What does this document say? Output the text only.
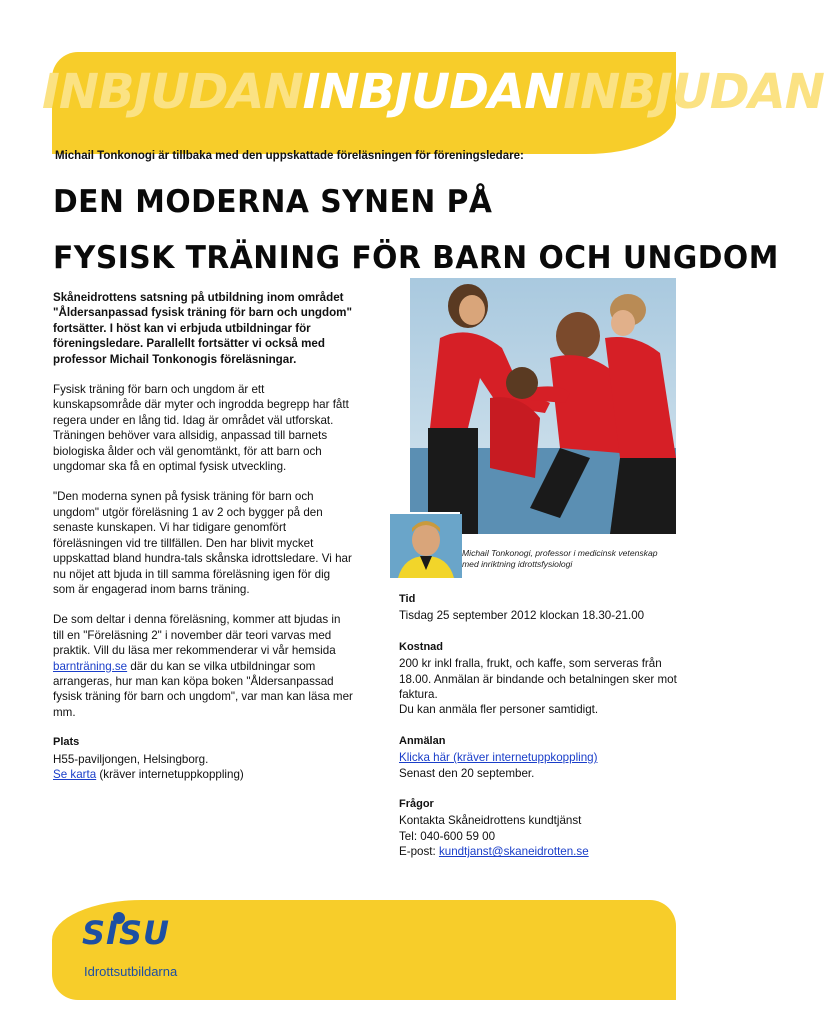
INBJUDANINBJUDANINBJUDAN
Michail Tonkonogi är tillbaka med den uppskattade föreläsningen för föreningsledare:
DEN MODERNA SYNEN PÅ
FYSISK TRÄNING FÖR BARN OCH UNGDOM

Skåneidrottens satsning på utbildning inom området "Åldersanpassad fysisk träning för barn och ungdom" fortsätter. I höst kan vi erbjuda utbildningar för föreningsledare. Parallellt fortsätter vi också med professor Michail Tonkonogis föreläsningar.

Fysisk träning för barn och ungdom är ett kunskapsområde där myter och ingrodda begrepp har fått regera under en lång tid. Idag är området väl utforskat. Träningen behöver vara allsidig, anpassad till barnets biologiska ålder och väl genomtänkt, för att barn och ungdomar ska få en optimal fysisk utveckling.

"Den moderna synen på fysisk träning för barn och ungdom" utgör föreläsning 1 av 2 och bygger på den senaste kunskapen. Vi har tidigare genomfört föreläsningen vid tre tillfällen. Den har blivit mycket uppskattad bland hundra-tals skånska idrottsledare. Vi har nu nöjet att bjuda in till samma föreläsning igen för dig som är engagerad inom barns träning.

De som deltar i denna föreläsning, kommer att bjudas in till en "Föreläsning 2" i november där teori varvas med praktik. Vill du läsa mer rekommenderar vi vår hemsida barnträning.se där du kan se vilka utbildningar som arrangeras, hur man kan köpa boken "Åldersanpassad fysisk träning för barn och ungdom", var man kan läsa mer mm.

Plats
H55-paviljongen, Helsingborg.
Se karta (kräver internetuppkoppling)
Michail Tonkonogi, professor i medicinsk vetenskap med inriktning idrottsfysiologi
Tid
Tisdag 25 september 2012 klockan 18.30-21.00
Kostnad
200 kr inkl fralla, frukt, och kaffe, som serveras från 18.00. Anmälan är bindande och betalningen sker mot faktura.
Du kan anmäla fler personer samtidigt.
Anmälan
Klicka här (kräver internetuppkoppling)
Senast den 20 september.
Frågor
Kontakta Skåneidrottens kundtjänst
Tel: 040-600 59 00
E-post: kundtjanst@skaneidrotten.se
SISU
Idrottsutbildarna
